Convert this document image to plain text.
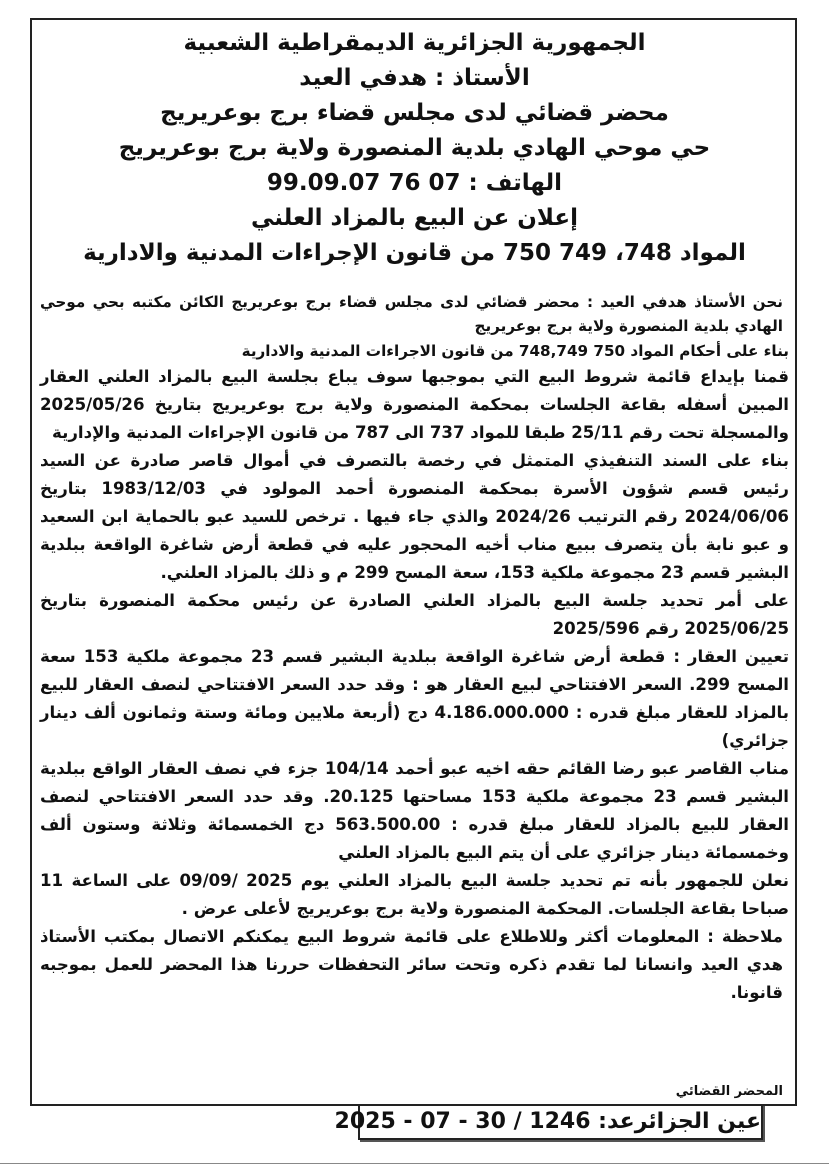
الجمهورية الجزائرية الديمقراطية الشعبية

الأستاذ : هدفي العيد

محضر قضائي لدى مجلس قضاء برج بوعريريج

حي موحي الهادي بلدية المنصورة ولاية برج بوعريريج

الهاتف : 07 76 99.09.07

إعلان عن البيع بالمزاد العلني

المواد 748، 749 750 من قانون الإجراءات المدنية والادارية

نحن الأستاذ هدفي العيد : محضر قضائي لدى مجلس قضاء برج بوعريريج الكائن مكتبه بحي موحي الهادي بلدية المنصورة ولاية برج بوعريريج

بناء على أحكام المواد 750 748,749 من قانون الاجراءات المدنية والادارية

قمنا بإيداع قائمة شروط البيع التي بموجبها سوف يباع بجلسة البيع بالمزاد العلني العقار المبين أسفله بقاعة الجلسات بمحكمة المنصورة ولاية برج بوعريريج بتاريخ 2025/05/26 والمسجلة تحت رقم 25/11 طبقا للمواد 737 الى 787 من قانون الإجراءات المدنية والإدارية

بناء على السند التنفيذي المتمثل في رخصة بالتصرف في أموال قاصر صادرة عن السيد رئيس قسم شؤون الأسرة بمحكمة المنصورة أحمد المولود في 1983/12/03 بتاريخ 2024/06/06 رقم الترتيب 2024/26 والذي جاء فيها . ترخص للسيد عبو بالحماية ابن السعيد و عبو نابة بأن يتصرف ببيع مناب أخيه المحجور عليه في قطعة أرض شاغرة الواقعة ببلدية البشير قسم 23 مجموعة ملكية 153، سعة المسح 299 م و ذلك بالمزاد العلني.

على أمر تحديد جلسة البيع بالمزاد العلني الصادرة عن رئيس محكمة المنصورة بتاريخ 2025/06/25 رقم 2025/596

تعيين العقار : قطعة أرض شاغرة الواقعة ببلدية البشير قسم 23 مجموعة ملكية 153 سعة المسح 299. السعر الافتتاحي لبيع العقار هو : وقد حدد السعر الافتتاحي لنصف العقار للبيع بالمزاد للعقار مبلغ قدره : 4.186.000.000 دج (أربعة ملايين ومائة وستة وثمانون ألف دينار جزائري)

مناب القاصر عبو رضا القائم حقه اخيه عبو أحمد 104/14 جزء في نصف العقار الواقع ببلدية البشير قسم 23 مجموعة ملكية 153 مساحتها 20.125. وقد حدد السعر الافتتاحي لنصف العقار للبيع بالمزاد للعقار مبلغ قدره : 563.500.00 دج الخمسمائة وثلاثة وستون ألف وخمسمائة دينار جزائري على أن يتم البيع بالمزاد العلني

نعلن للجمهور بأنه تم تحديد جلسة البيع بالمزاد العلني يوم 2025 /09/09 على الساعة 11 صباحا بقاعة الجلسات. المحكمة المنصورة ولاية برج بوعريريج لأعلى عرض .

ملاحظة : المعلومات أكثر وللاطلاع على قائمة شروط البيع يمكنكم الاتصال بمكتب الأستاذ هدي العيد وانسانا لما تقدم ذكره وتحت سائر التحفظات حررنا هذا المحضر للعمل بموجبه قانونا.

المحضر القضائي
عين الجزائرعد: 1246 / 30 - 07 - 2025
